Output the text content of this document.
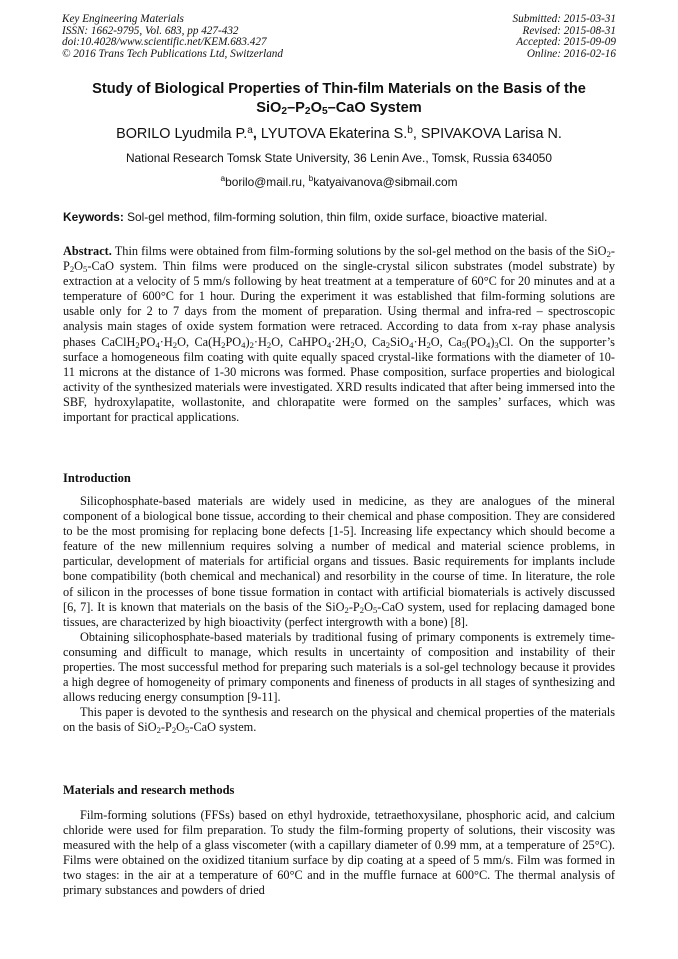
Key Engineering Materials
ISSN: 1662-9795, Vol. 683, pp 427-432
doi:10.4028/www.scientific.net/KEM.683.427
© 2016 Trans Tech Publications Ltd, Switzerland
Submitted: 2015-03-31
Revised: 2015-08-31
Accepted: 2015-09-09
Online: 2016-02-16
Study of Biological Properties of Thin-film Materials on the Basis of the
$SiO_2-P_2O_5$–CaO System
BORILO Lyudmila P.$^a$, LYUTOVA Ekaterina S.$^b$, SPIVAKOVA Larisa N.
National Research Tomsk State University, 36 Lenin Ave., Tomsk, Russia 634050
$^a$borilo@mail.ru, $^b$katyaivanova@sibmail.com
Keywords: Sol-gel method, film-forming solution, thin film, oxide surface, bioactive material.

Abstract. Thin films were obtained from film-forming solutions by the sol-gel method on the basis of the $SiO_2-P_2O_5$-CaO system. Thin films were produced on the single-crystal silicon substrates (model substrate) by extraction at a velocity of 5 mm/s following by heat treatment at a temperature of 60°C for 20 minutes and at a temperature of 600°C for 1 hour. During the experiment it was established that film-forming solutions are usable only for 2 to 7 days from the moment of preparation. Using thermal and infra-red – spectroscopic analysis main stages of oxide system formation were retraced. According to data from x-ray phase analysis phases $CaClH_2PO_4\cdot H_2O$, $Ca(H_2PO_4)_2\cdot H_2O$, $CaHPO_4\cdot 2H_2O$, $Ca_2SiO_4\cdot H_2O$, $Ca_5(PO_4)_3Cl$. On the supporter’s surface a homogeneous film coating with quite equally spaced crystal-like formations with the diameter of 10-11 microns at the distance of 1-30 microns was formed. Phase composition, surface properties and biological activity of the synthesized materials were investigated. XRD results indicated that after being immersed into the SBF, hydroxylapatite, wollastonite, and chlorapatite were formed on the samples’ surfaces, which was important for practical applications.

Introduction

Silicophosphate-based materials are widely used in medicine, as they are analogues of the mineral component of a biological bone tissue, according to their chemical and phase composition. They are considered to be the most promising for replacing bone defects [1-5]. Increasing life expectancy which should become a feature of the new millennium requires solving a number of medical and material science problems, in particular, development of materials for artificial organs and tissues. Basic requirements for implants include bone compatibility (both chemical and mechanical) and resorbility in the course of time. In literature, the role of silicon in the processes of bone tissue formation in contact with artificial biomaterials is actively discussed [6, 7]. It is known that materials on the basis of the $SiO_2-P_2O_5$-CaO system, used for replacing damaged bone tissues, are characterized by high bioactivity (perfect intergrowth with a bone) [8].

Obtaining silicophosphate-based materials by traditional fusing of primary components is extremely time-consuming and difficult to manage, which results in uncertainty of composition and instability of their properties. The most successful method for preparing such materials is a sol-gel technology because it provides a high degree of homogeneity of primary components and fineness of products in all stages of synthesizing and allows reducing energy consumption [9-11].

This paper is devoted to the synthesis and research on the physical and chemical properties of the materials on the basis of $SiO_2-P_2O_5$-CaO system.

Materials and research methods

Film-forming solutions (FFSs) based on ethyl hydroxide, tetraethoxysilane, phosphoric acid, and calcium chloride were used for film preparation. To study the film-forming property of solutions, their viscosity was measured with the help of a glass viscometer (with a capillary diameter of 0.99 mm, at a temperature of 25°C). Films were obtained on the oxidized titanium surface by dip coating at a speed of 5 mm/s. Film was formed in two stages: in the air at a temperature of 60°C and in the muffle furnace at 600°C. The thermal analysis of primary substances and powders of dried
